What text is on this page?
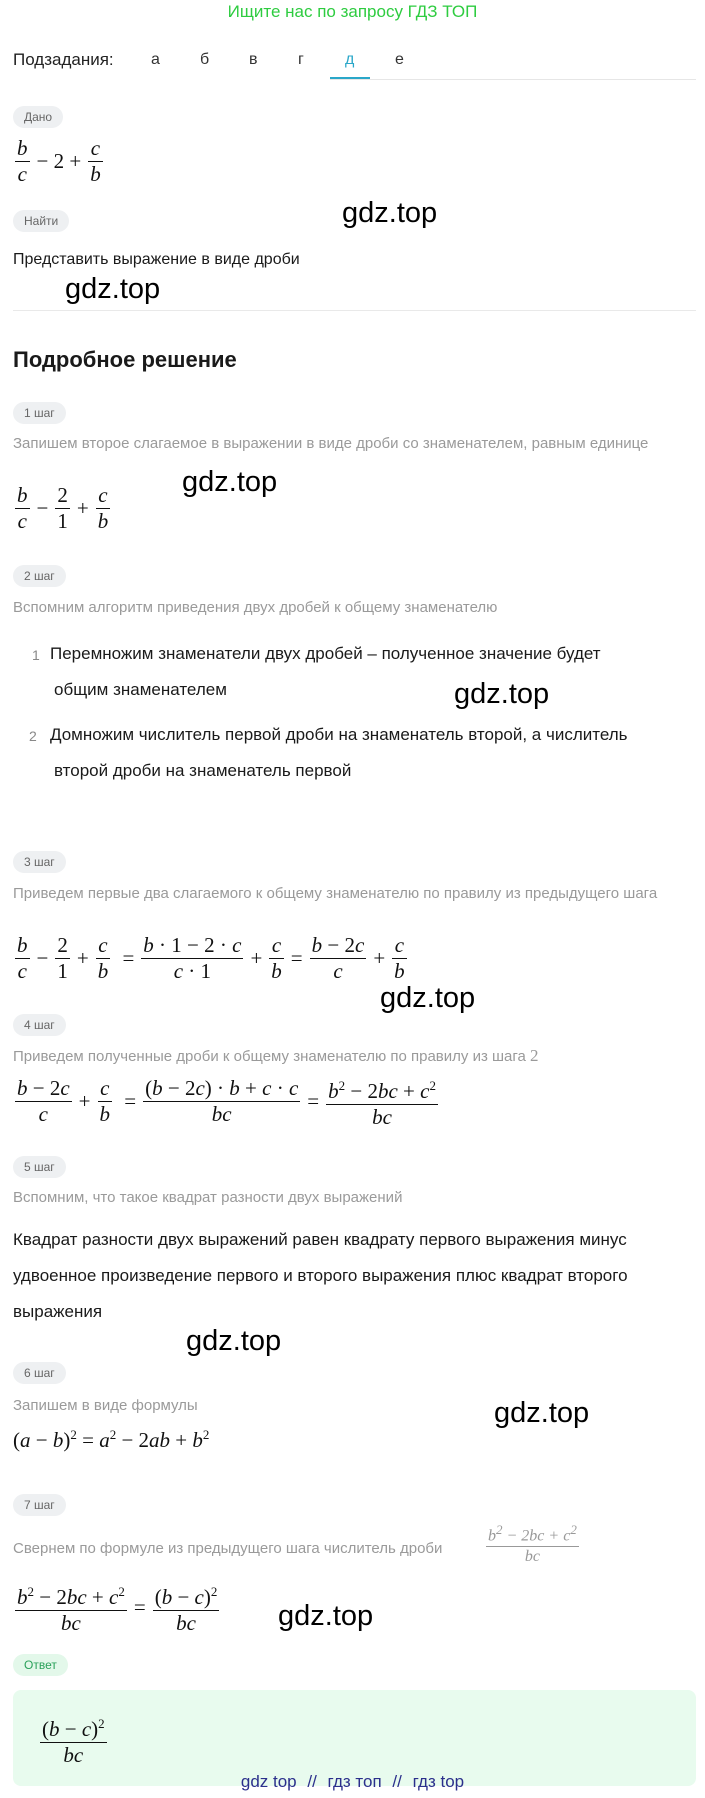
Ищите нас по запросу ГДЗ ТОП
Подзадания: а	б в	г	д	е
Дано
$\frac{b}{c} - 2 + \frac{c}{b}$
Найти	gdz.top
Представить выражение в виде дроби
gdz.top
Подробное решение
1 шаг
Запишем второе слагаемое в выражении в виде дроби со знаменателем, равным единице
$\frac{b}{c} - \frac{2}{1} + \frac{c}{b}$
gdz.top
2 шаг
Вспомним алгоритм приведения двух дробей к общему знаменателю
1 Перемножим знаменатели двух дробей – полученное значение будет
общим знаменателем	gdz.top
2 Домножим числитель первой дроби на знаменатель второй, а числитель
второй дроби на знаменатель первой
3 шаг
Приведем первые два слагаемого к общему знаменателю по правилу из предыдущего шага
$\frac{b}{c} - \frac{2}{1} + \frac{c}{b} = \frac{b \cdot 1 - 2 \cdot c}{c \cdot 1} + \frac{c}{b} = \frac{b - 2c}{c} + \frac{c}{b}$
gdz.top
4 шаг
Приведем полученные дроби к общему знаменателю по правилу из шага 2
$\frac{b - 2c}{c} + \frac{c}{b} = \frac{(b - 2c) \cdot b + c \cdot c}{bc} = \frac{b^2 - 2bc + c^2}{bc}$
5 шаг
Вспомним, что такое квадрат разности двух выражений
Квадрат разности двух выражений равен квадрату первого выражения минус
удвоенное произведение первого и второго выражения плюс квадрат второго
выражения
gdz.top
6 шаг
Запишем в виде формулы	gdz.top
$(a - b)^2 = a^2 - 2ab + b^2$
7 шаг
Свернем по формуле из предыдущего шага числитель дроби	$\frac{b^2 - 2bc + c^2}{bc}$
$\frac{b^2 - 2bc + c^2}{bc} = \frac{(b - c)^2}{bc} gdz.top$
Ответ
$\frac{(b - c)^2}{bc}$
gdz top // гдз топ // гдз top
